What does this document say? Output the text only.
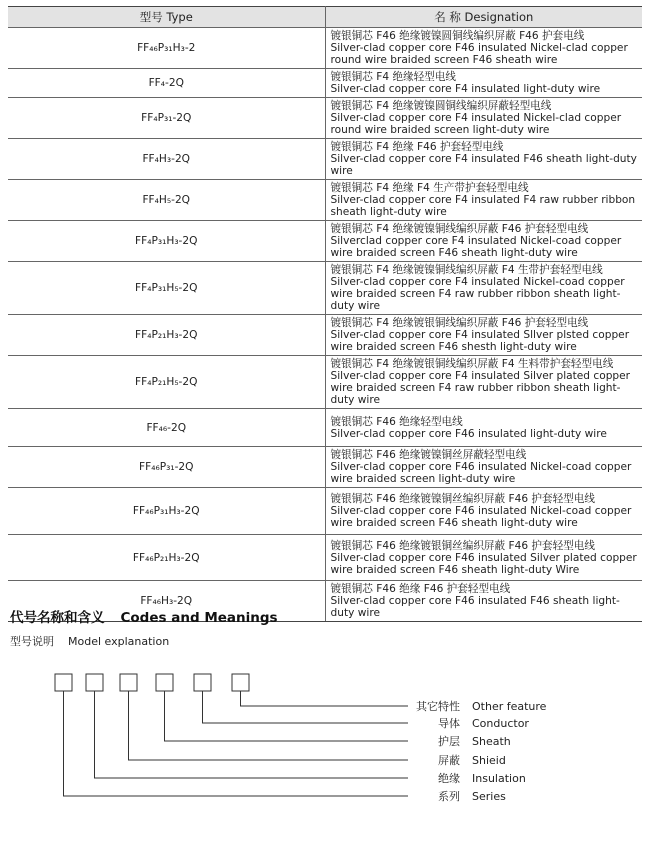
型号 Type	名 称 Designation
FF₄₆P₃₁H₃-2	镀银铜芯 F46 绝缘镀镍圆铜线编织屏蔽 F46 护套电线
Silver-clad copper core F46 insulated Nickel-clad copper round wire braided screen F46 sheath wire

FF₄-2Q	镀银铜芯 F4 绝缘轻型电线
Silver-clad copper core F4 insulated light-duty wire

FF₄P₃₁-2Q	镀银铜芯 F4 绝缘镀镍圆铜线编织屏蔽轻型电线
Silver-clad copper core F4 insulated Nickel-clad copper round wire braided screen light-duty wire

FF₄H₃-2Q	镀银铜芯 F4 绝缘 F46 护套轻型电线
Silver-clad copper core F4 insulated F46 sheath light-duty wire

FF₄H₅-2Q	镀银铜芯 F4 绝缘 F4 生产带护套轻型电线
Silver-clad copper core F4 insulated F4 raw rubber ribbon sheath light-duty wire

FF₄P₃₁H₃-2Q	镀银铜芯 F4 绝缘镀镍铜线编织屏蔽 F46 护套轻型电线
Silverclad copper core F4 insulated Nickel-coad copper wire braided screen F46 sheath light-duty wire

FF₄P₃₁H₅-2Q	镀银铜芯 F4 绝缘镀镍铜线编织屏蔽 F4 生带护套轻型电线
Silver-clad copper core F4 insulated Nickel-coad copper wire braided screen F4 raw rubber ribbon sheath light-duty wire

FF₄P₂₁H₃-2Q	镀银铜芯 F4 绝缘镀银铜线编织屏蔽 F46 护套轻型电线
Silver-clad copper core F4 insulated Sllver plsted copper wire braided screen F46 shesth light-duty wire

FF₄P₂₁H₅-2Q	镀银铜芯 F4 绝缘镀银铜线编织屏蔽 F4 生料带护套轻型电线
Silver-clad copper core F4 insulated Silver plated copper wire braided screen F4 raw rubber ribbon sheath light-duty wire

FF₄₆-2Q	镀银铜芯 F46 绝缘轻型电线
Silver-clad copper core F46 insulated light-duty wire

FF₄₆P₃₁-2Q	镀银铜芯 F46 绝缘镀镍铜丝屏蔽轻型电线
Silver-clad copper core F46 insulated Nickel-coad copper wire braided screen light-duty wire

FF₄₆P₃₁H₃-2Q	镀银铜芯 F46 绝缘镀镍铜丝编织屏蔽 F46 护套轻型电线
Silver-clad copper core F46 insulated Nickel-coad copper wire braided screen F46 sheath light-duty wire

FF₄₆P₂₁H₃-2Q	镀银铜芯 F46 绝缘镀银铜丝编织屏蔽 F46 护套轻型电线
Silver-clad copper core F46 insulated Silver plated copper wire braided screen F46 sheath light-duty Wire

FF₄₆H₃-2Q	镀银铜芯 F46 绝缘 F46 护套轻型电线
Silver-clad copper core F46 insulated F46 sheath light-duty wire
代号名称和含义 Codes and Meanings
型号说明 Model explanation
其它特性 Other feature
导体 Conductor
护层 Sheath
屏蔽 Shieid
绝缘 Insulation
系列 Series
